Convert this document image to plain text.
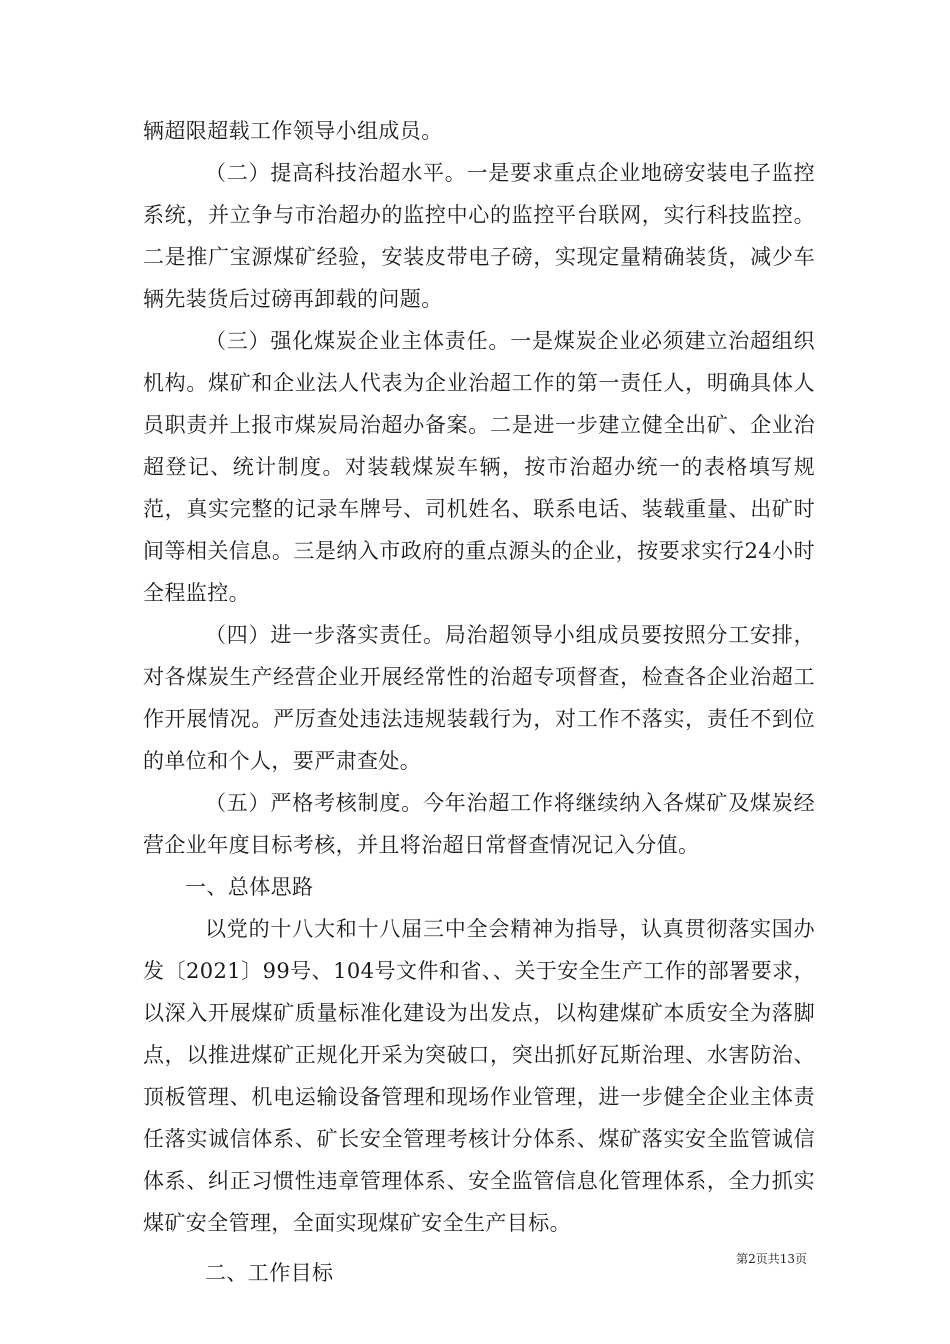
辆超限超载工作领导小组成员。

（二）提高科技治超水平。一是要求重点企业地磅安装电子监控系统，并立争与市治超办的监控中心的监控平台联网，实行科技监控。二是推广宝源煤矿经验，安装皮带电子磅，实现定量精确装货，减少车辆先装货后过磅再卸载的问题。

（三）强化煤炭企业主体责任。一是煤炭企业必须建立治超组织机构。煤矿和企业法人代表为企业治超工作的第一责任人，明确具体人员职责并上报市煤炭局治超办备案。二是进一步建立健全出矿、企业治超登记、统计制度。对装载煤炭车辆，按市治超办统一的表格填写规范，真实完整的记录车牌号、司机姓名、联系电话、装载重量、出矿时间等相关信息。三是纳入市政府的重点源头的企业，按要求实行24小时全程监控。

（四）进一步落实责任。局治超领导小组成员要按照分工安排，对各煤炭生产经营企业开展经常性的治超专项督查，检查各企业治超工作开展情况。严厉查处违法违规装载行为，对工作不落实，责任不到位的单位和个人，要严肃查处。

（五）严格考核制度。今年治超工作将继续纳入各煤矿及煤炭经营企业年度目标考核，并且将治超日常督查情况记入分值。

一、总体思路

以党的十八大和十八届三中全会精神为指导，认真贯彻落实国办发〔2021〕99号、104号文件和省、、关于安全生产工作的部署要求，以深入开展煤矿质量标准化建设为出发点，以构建煤矿本质安全为落脚点，以推进煤矿正规化开采为突破口，突出抓好瓦斯治理、水害防治、顶板管理、机电运输设备管理和现场作业管理，进一步健全企业主体责任落实诚信体系、矿长安全管理考核计分体系、煤矿落实安全监管诚信体系、纠正习惯性违章管理体系、安全监管信息化管理体系，全力抓实煤矿安全管理，全面实现煤矿安全生产目标。

二、工作目标

第2页共13页
